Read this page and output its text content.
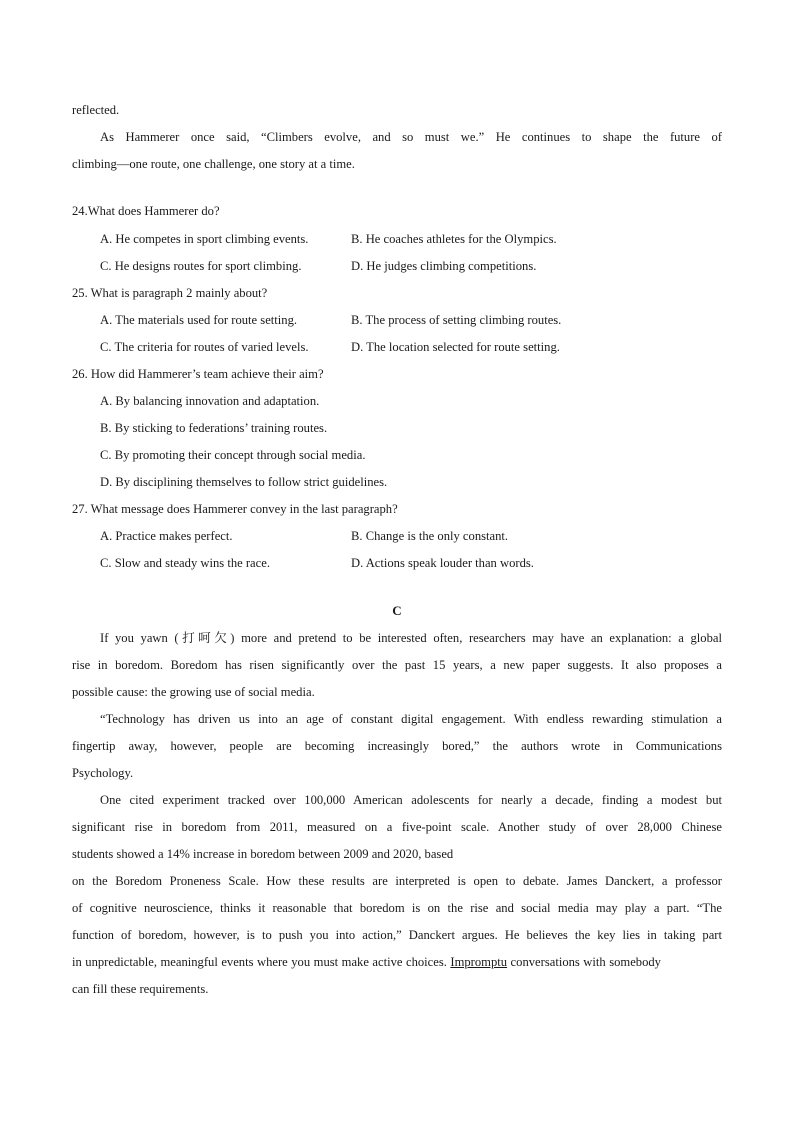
reflected.
As Hammerer once said, “Climbers evolve, and so must we.” He continues to shape the future of
climbing—one route, one challenge, one story at a time.
24.What does Hammerer do?
A. He competes in sport climbing events.	B. He coaches athletes for the Olympics.
C. He designs routes for sport climbing.	D. He judges climbing competitions.
25. What is paragraph 2 mainly about?
A. The materials used for route setting.	B. The process of setting climbing routes.
C. The criteria for routes of varied levels.	D. The location selected for route setting.
26. How did Hammerer’s team achieve their aim?
A. By balancing innovation and adaptation.
B. By sticking to federations’ training routes.
C. By promoting their concept through social media.
D. By disciplining themselves to follow strict guidelines.
27. What message does Hammerer convey in the last paragraph?
A. Practice makes perfect.	B. Change is the only constant.
C. Slow and steady wins the race.	D. Actions speak louder than words.
C
If you yawn (打呵欠) more and pretend to be interested often, researchers may have an explanation: a global
rise in boredom. Boredom has risen significantly over the past 15 years, a new paper suggests. It also proposes a
possible cause: the growing use of social media.
“Technology has driven us into an age of constant digital engagement. With endless rewarding stimulation a
fingertip away, however, people are becoming increasingly bored,” the authors wrote in Communications
Psychology.
One cited experiment tracked over 100,000 American adolescents for nearly a decade, finding a modest but
significant rise in boredom from 2011, measured on a five-point scale. Another study of over 28,000 Chinese
students showed a 14% increase in boredom between 2009 and 2020, based
on the Boredom Proneness Scale. How these results are interpreted is open to debate. James Danckert, a professor
of cognitive neuroscience, thinks it reasonable that boredom is on the rise and social media may play a part. “The
function of boredom, however, is to push you into action,” Danckert argues. He believes the key lies in taking part
in unpredictable, meaningful events where you must make active choices. Impromptu conversations with somebody
can fill these requirements.
